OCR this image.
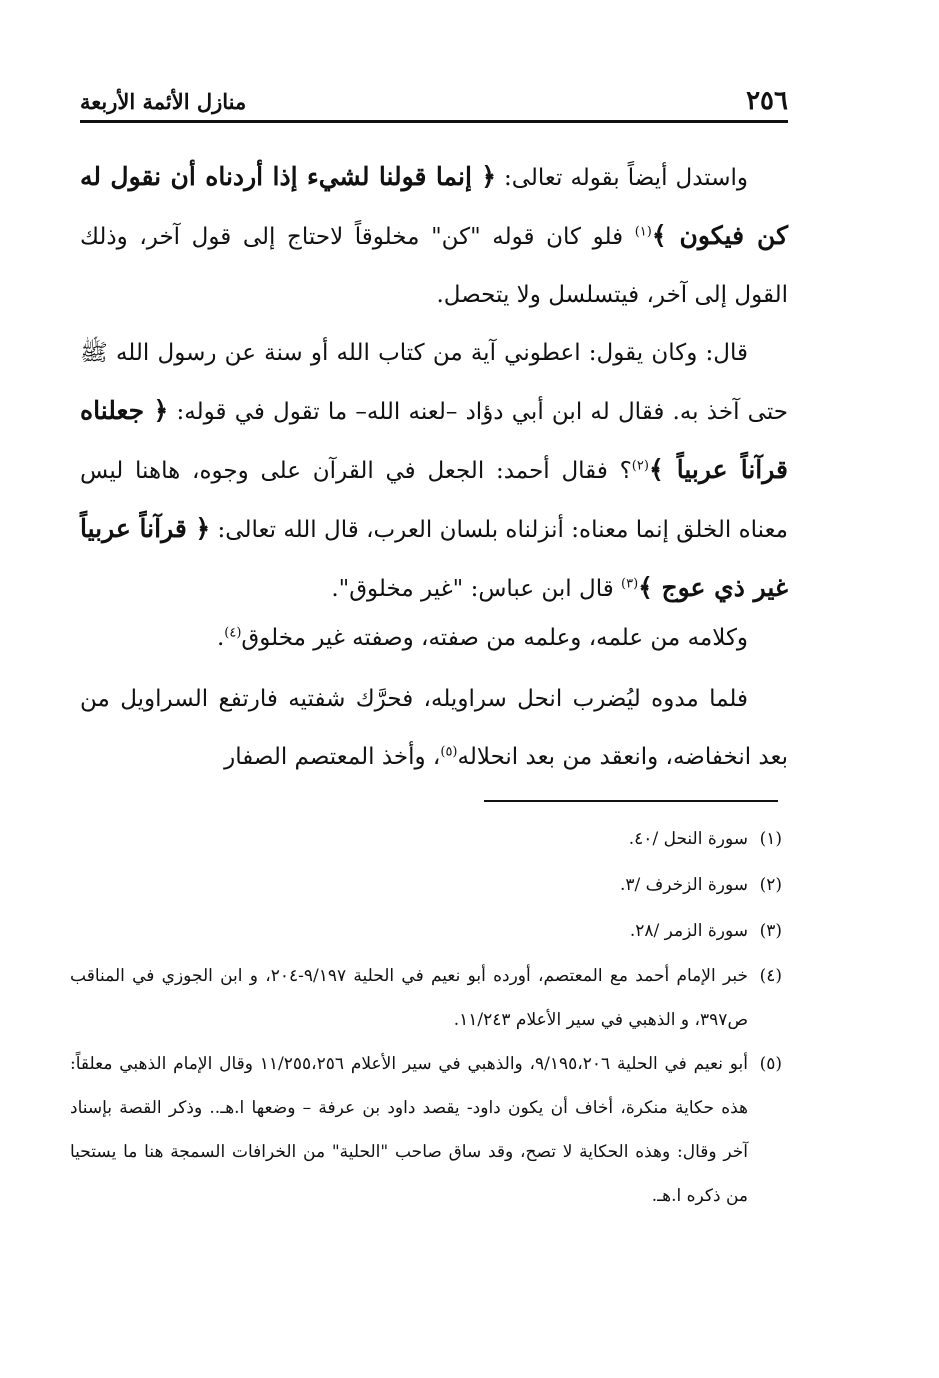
٢٥٦
منازل الأئمة الأربعة

واستدل أيضاً بقوله تعالى: ﴿ إنما قولنا لشيء إذا أردناه أن نقول له كن فيكون ﴾$^{(١)}$ فلو كان قوله "كن" مخلوقاً لاحتاج إلى قول آخر، وذلك القول إلى آخر، فيتسلسل ولا يتحصل.

قال: وكان يقول: اعطوني آية من كتاب الله أو سنة عن رسول الله ﷺ حتى آخذ به. فقال له ابن أبي دؤاد –لعنه الله– ما تقول في قوله: ﴿ جعلناه قرآناً عربياً ﴾$^{(٢)}$؟ فقال أحمد: الجعل في القرآن على وجوه، هاهنا ليس معناه الخلق إنما معناه: أنزلناه بلسان العرب، قال الله تعالى: ﴿ قرآناً عربياً غير ذي عوج ﴾$^{(٣)}$ قال ابن عباس: "غير مخلوق".

وكلامه من علمه، وعلمه من صفته، وصفته غير مخلوق$^{(٤)}$.

فلما مدوه ليُضرب انحل سراويله، فحرَّك شفتيه فارتفع السراويل من بعد انخفاضه، وانعقد من بعد انحلاله$^{(٥)}$، وأخذ المعتصم الصفار

(١)سورة النحل /٤٠.

(٢)سورة الزخرف /٣.

(٣)سورة الزمر /٢٨.

(٤)خبر الإمام أحمد مع المعتصم، أورده أبو نعيم في الحلية ٩/١٩٧-٢٠٤، و ابن الجوزي في المناقب ص٣٩٧، و الذهبي في سير الأعلام ١١/٢٤٣.

(٥)أبو نعيم في الحلية ٩/١٩٥،٢٠٦، والذهبي في سير الأعلام ١١/٢٥٥،٢٥٦ وقال الإمام الذهبي معلقاً: هذه حكاية منكرة، أخاف أن يكون داود- يقصد داود بن عرفة – وضعها ا.هـ.. وذكر القصة بإسناد آخر وقال: وهذه الحكاية لا تصح، وقد ساق صاحب "الحلية" من الخرافات السمجة هنا ما يستحيا من ذكره ا.هـ.
